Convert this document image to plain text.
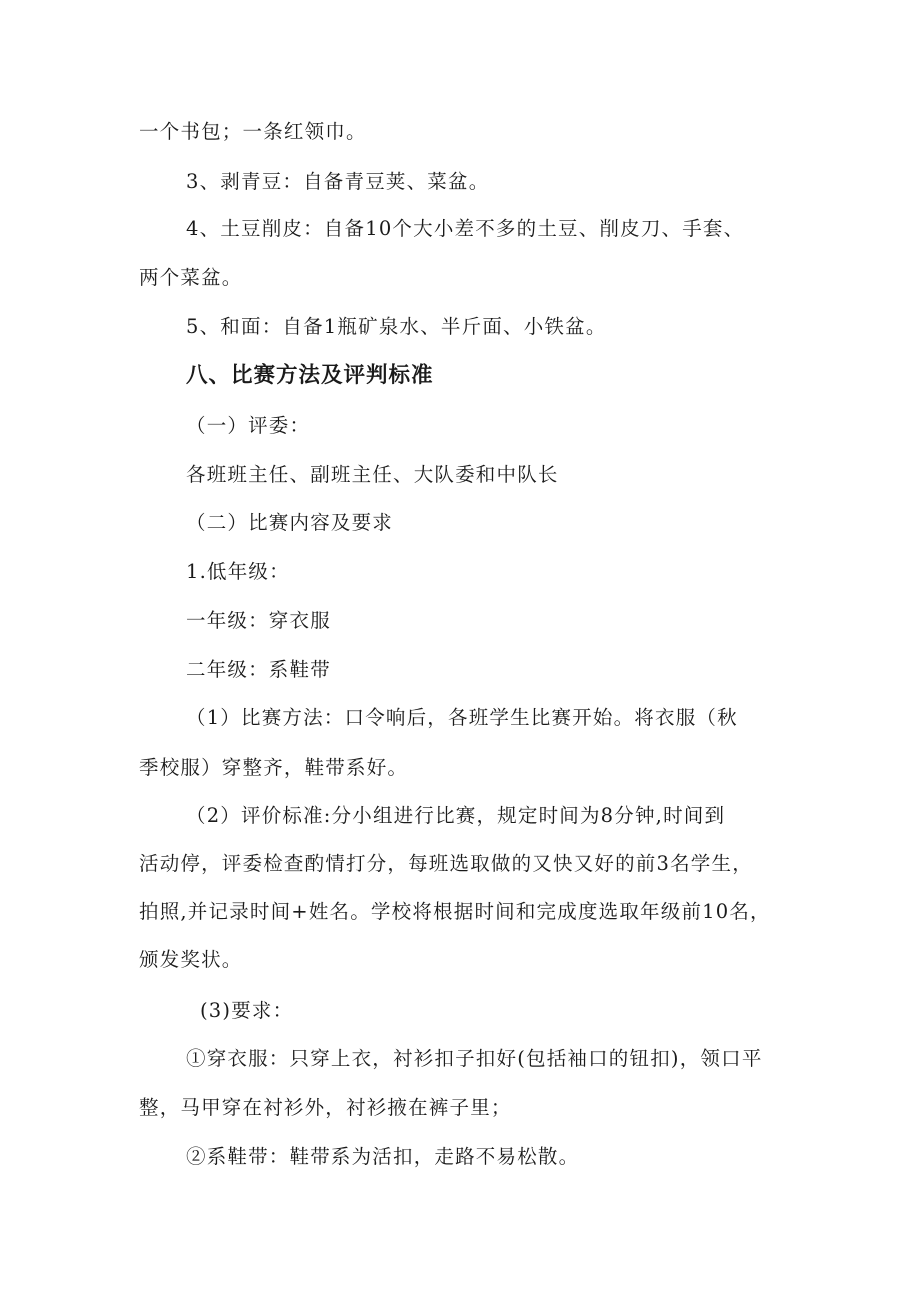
一个书包；一条红领巾。
3、剥青豆：自备青豆荚、菜盆。
4、土豆削皮：自备10个大小差不多的土豆、削皮刀、手套、
两个菜盆。
5、和面：自备1瓶矿泉水、半斤面、小铁盆。
八、比赛方法及评判标准
（一）评委：
各班班主任、副班主任、大队委和中队长
（二）比赛内容及要求
1.低年级：
一年级：穿衣服
二年级：系鞋带
（1）比赛方法：口令响后，各班学生比赛开始。将衣服（秋
季校服）穿整齐，鞋带系好。
（2）评价标准:分小组进行比赛，规定时间为8分钟,时间到
活动停，评委检查酌情打分，每班选取做的又快又好的前3名学生，
拍照,并记录时间+姓名。学校将根据时间和完成度选取年级前10名，
颁发奖状。
(3)要求：
①穿衣服：只穿上衣，衬衫扣子扣好(包括袖口的钮扣)，领口平
整，马甲穿在衬衫外，衬衫掖在裤子里；
②系鞋带：鞋带系为活扣，走路不易松散。
